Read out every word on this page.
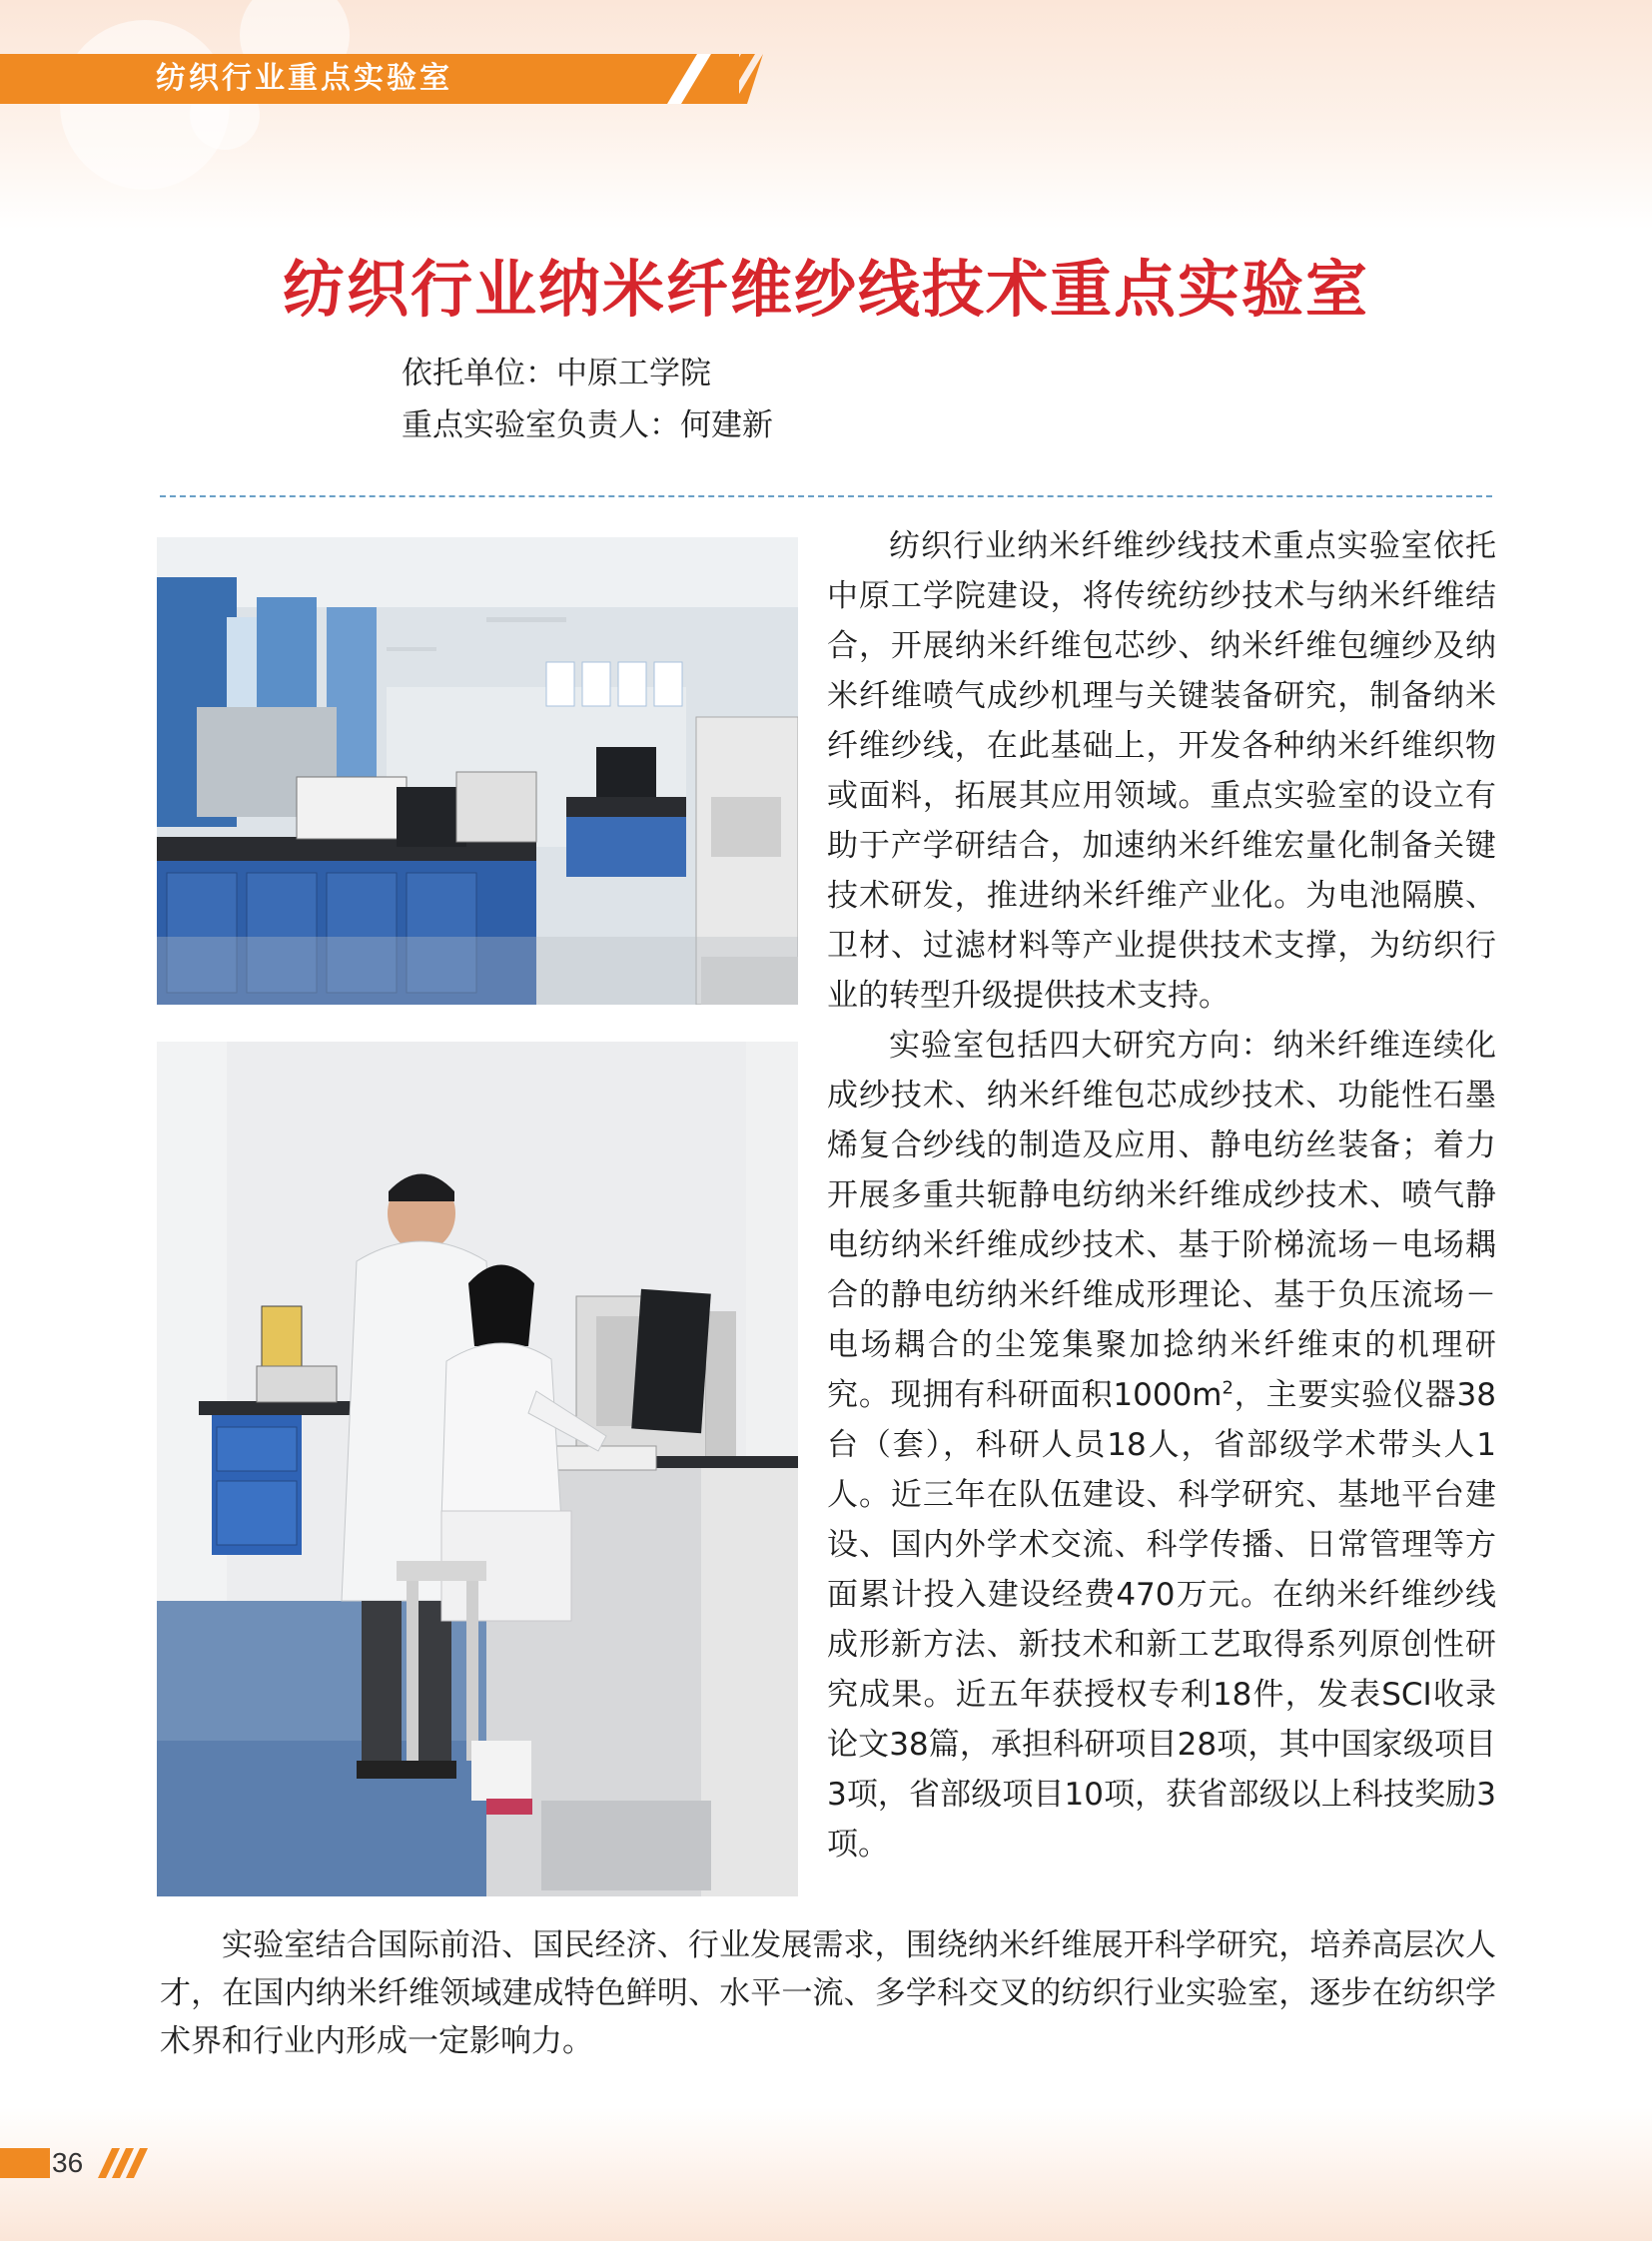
纺织行业重点实验室
纺织行业纳米纤维纱线技术重点实验室
依托单位：中原工学院
重点实验室负责人：何建新

纺织行业纳米纤维纱线技术重点实验室依托中原工学院建设，将传统纺纱技术与纳米纤维结合，开展纳米纤维包芯纱、纳米纤维包缠纱及纳米纤维喷气成纱机理与关键装备研究，制备纳米纤维纱线，在此基础上，开发各种纳米纤维织物或面料，拓展其应用领域。重点实验室的设立有助于产学研结合，加速纳米纤维宏量化制备关键技术研发，推进纳米纤维产业化。为电池隔膜、卫材、过滤材料等产业提供技术支撑，为纺织行业的转型升级提供技术支持。

实验室包括四大研究方向：纳米纤维连续化成纱技术、纳米纤维包芯成纱技术、功能性石墨烯复合纱线的制造及应用、静电纺丝装备；着力开展多重共轭静电纺纳米纤维成纱技术、喷气静电纺纳米纤维成纱技术、基于阶梯流场－电场耦合的静电纺纳米纤维成形理论、基于负压流场－电场耦合的尘笼集聚加捻纳米纤维束的机理研究。现拥有科研面积$1000m^2$，主要实验仪器38台（套），科研人员18人，省部级学术带头人1人。近三年在队伍建设、科学研究、基地平台建设、国内外学术交流、科学传播、日常管理等方面累计投入建设经费470万元。在纳米纤维纱线成形新方法、新技术和新工艺取得系列原创性研究成果。近五年获授权专利18件，发表SCI收录论文38篇，承担科研项目28项，其中国家级项目3项，省部级项目10项，获省部级以上科技奖励3项。

实验室结合国际前沿、国民经济、行业发展需求，围绕纳米纤维展开科学研究，培养高层次人才，在国内纳米纤维领域建成特色鲜明、水平一流、多学科交叉的纺织行业实验室，逐步在纺织学术界和行业内形成一定影响力。

36
